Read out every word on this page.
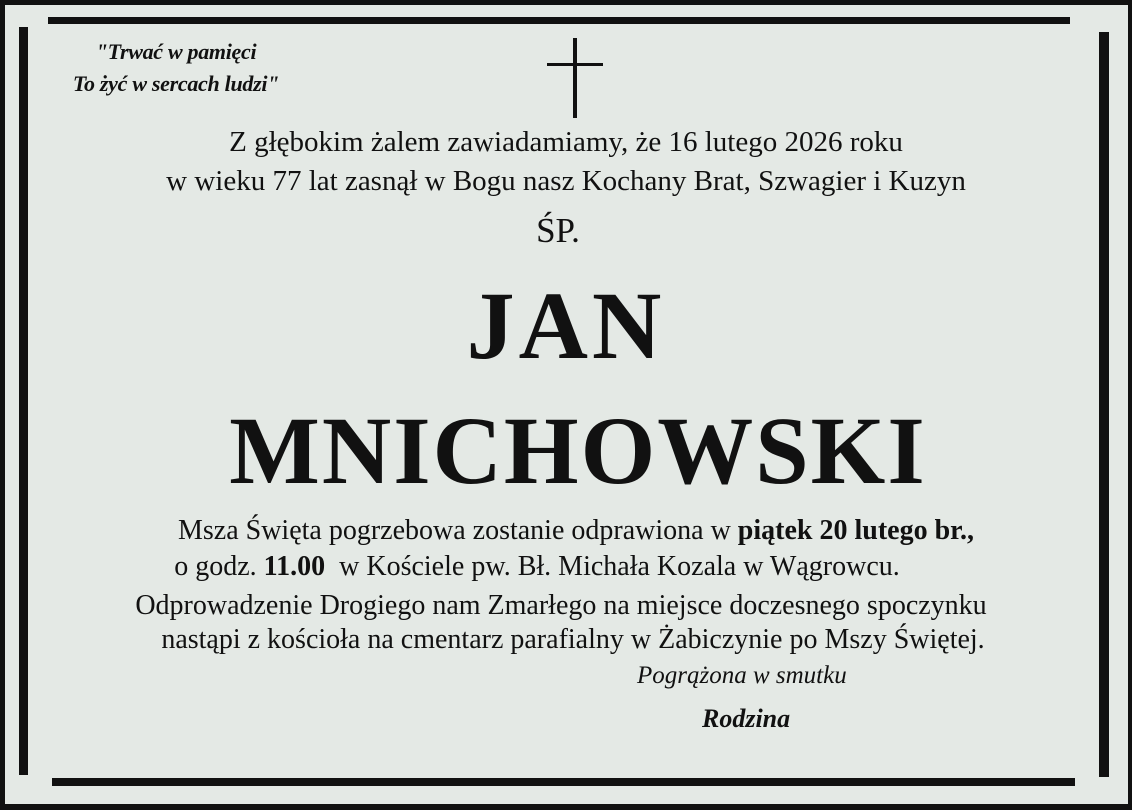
"Trwać w pamięci
To żyć w sercach ludzi"
Z głębokim żalem zawiadamiamy, że 16 lutego 2026 roku
w wieku 77 lat zasnął w Bogu nasz Kochany Brat, Szwagier i Kuzyn
ŚP.
JAN
MNICHOWSKI
Msza Święta pogrzebowa zostanie odprawiona w piątek 20 lutego br.,
o godz. 11.00  w Kościele pw. Bł. Michała Kozala w Wągrowcu.
Odprowadzenie Drogiego nam Zmarłego na miejsce doczesnego spoczynku
nastąpi z kościoła na cmentarz parafialny w Żabiczynie po Mszy Świętej.
Pogrążona w smutku
Rodzina
